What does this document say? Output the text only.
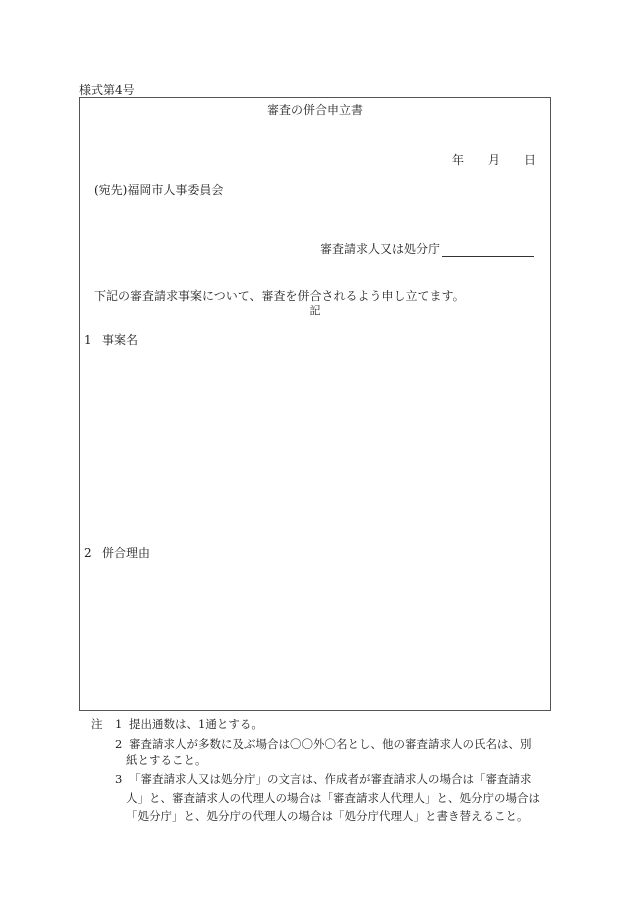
様式第4号
審査の併合申立書
年 月 日
(宛先)福岡市人事委員会
審査請求人又は処分庁
下記の審査請求事案について、審査を併合されるよう申し立てます。
記
1 事案名
2 併合理由
注 1 提出通数は、1通とする。
2 審査請求人が多数に及ぶ場合は〇〇外〇名とし、他の審査請求人の氏名は、別
紙とすること。
3 「審査請求人又は処分庁」の文言は、作成者が審査請求人の場合は「審査請求
人」と、審査請求人の代理人の場合は「審査請求人代理人」と、処分庁の場合は
「処分庁」と、処分庁の代理人の場合は「処分庁代理人」と書き替えること。
